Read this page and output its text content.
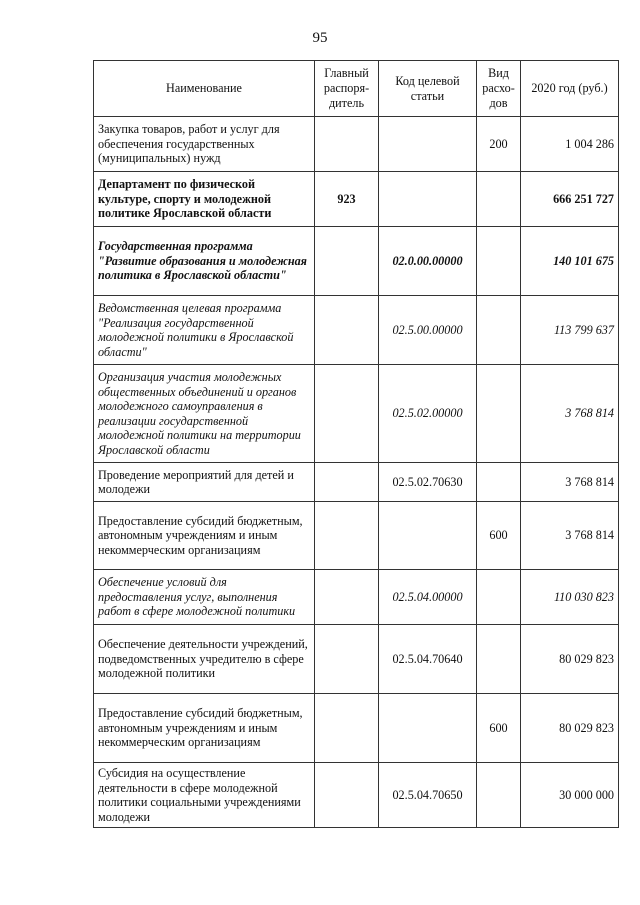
95
Наименование	Главный распоря-дитель	Код целевой статьи	Вид расхо-дов	2020 год (руб.)
Закупка товаров, работ и услуг для обеспечения государственных (муниципальных) нужд			200	1 004 286
Департамент по физической культуре, спорту и молодежной политике Ярославской области	923			666 251 727
Государственная программа "Развитие образования и молодежная политика в Ярославской области"		02.0.00.00000		140 101 675
Ведомственная целевая программа "Реализация государственной молодежной политики в Ярославской области"		02.5.00.00000		113 799 637
Организация участия молодежных общественных объединений и органов молодежного самоуправления в реализации государственной молодежной политики на территории Ярославской области		02.5.02.00000		3 768 814
Проведение мероприятий для детей и молодежи		02.5.02.70630		3 768 814
Предоставление субсидий бюджетным, автономным учреждениям и иным некоммерческим организациям			600	3 768 814
Обеспечение условий для предоставления услуг, выполнения работ в сфере молодежной политики		02.5.04.00000		110 030 823
Обеспечение деятельности учреждений, подведомственных учредителю в сфере молодежной политики		02.5.04.70640		80 029 823
Предоставление субсидий бюджетным, автономным учреждениям и иным некоммерческим организациям			600	80 029 823
Субсидия на осуществление деятельности в сфере молодежной политики социальными учреждениями молодежи		02.5.04.70650		30 000 000
